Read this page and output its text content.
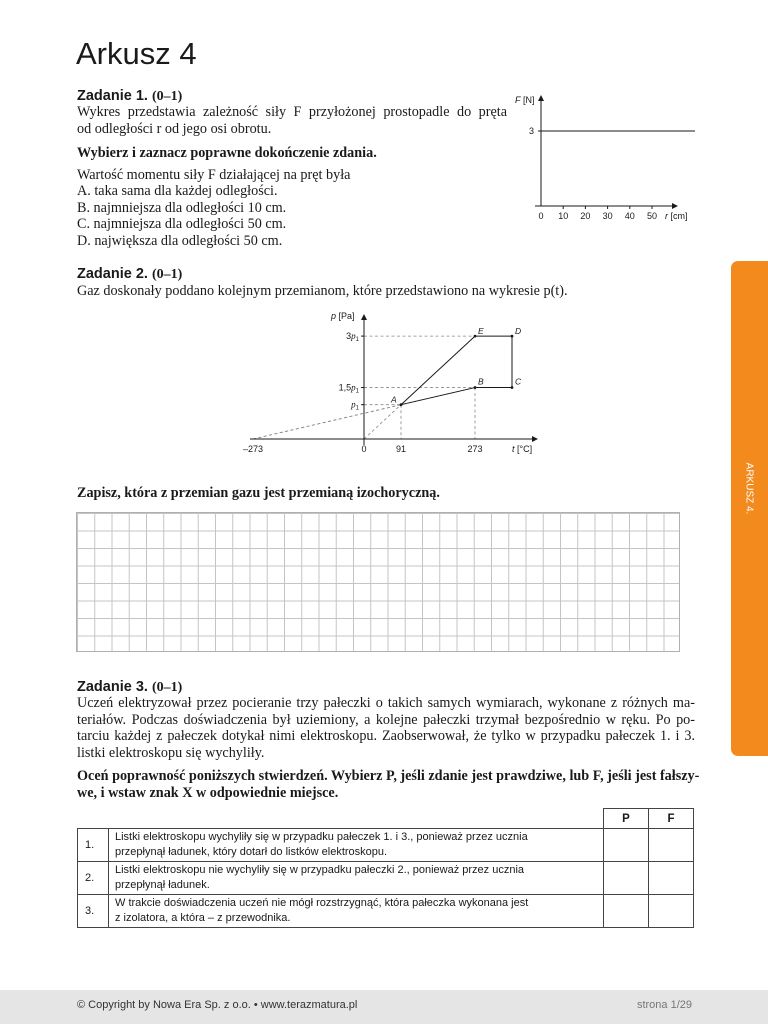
Arkusz 4
ARKUSZ 4.
Zadanie 1. (0–1)
Wykres przedstawia zależność siły F przyłożonej prostopadle do pręta
od odległości r od jego osi obrotu.
Wybierz i zaznacz poprawne dokończenie zdania.
Wartość momentu siły F działającej na pręt była
A. taka sama dla każdej odległości.
B. najmniejsza dla odległości 10 cm.
C. najmniejsza dla odległości 50 cm.
D. największa dla odległości 50 cm.
F [N]
3
0 10 20 30 40 50 r [cm]
Zadanie 2. (0–1)
Gaz doskonały poddano kolejnym przemianom, które przedstawiono na wykresie p(t).
p [Pa]
t [°C]
–273	0	91	273
$3p_1$
$1,5p_1$
$p_1$
A
B	C
D
E
Zapisz, która z przemian gazu jest przemianą izochoryczną.
Zadanie 3. (0–1)
Uczeń elektryzował przez pocieranie trzy pałeczki o takich samych wymiarach, wykonane z różnych ma-
teriałów. Podczas doświadczenia był uziemiony, a kolejne pałeczki trzymał bezpośrednio w ręku. Po po-
tarciu każdej z pałeczek dotykał nimi elektroskopu. Zaobserwował, że tylko w przypadku pałeczek 1. i 3.
listki elektroskopu się wychyliły.
Oceń poprawność poniższych stwierdzeń. Wybierz P, jeśli zdanie jest prawdziwe, lub F, jeśli jest fałszy-
we, i wstaw znak X w odpowiednie miejsce.
		P	F
1.	Listki elektroskopu wychyliły się w przypadku pałeczek 1. i 3., ponieważ przez ucznia
przepłynął ładunek, który dotarł do listków elektroskopu.		

2.	Listki elektroskopu nie wychyliły się w przypadku pałeczki 2., ponieważ przez ucznia
przepłynął ładunek.		

3.	W trakcie doświadczenia uczeń nie mógł rozstrzygnąć, która pałeczka wykonana jest
z izolatora, a która – z przewodnika.		

© Copyright by Nowa Era Sp. z o.o. • www.terazmatura.pl	strona 1/29
